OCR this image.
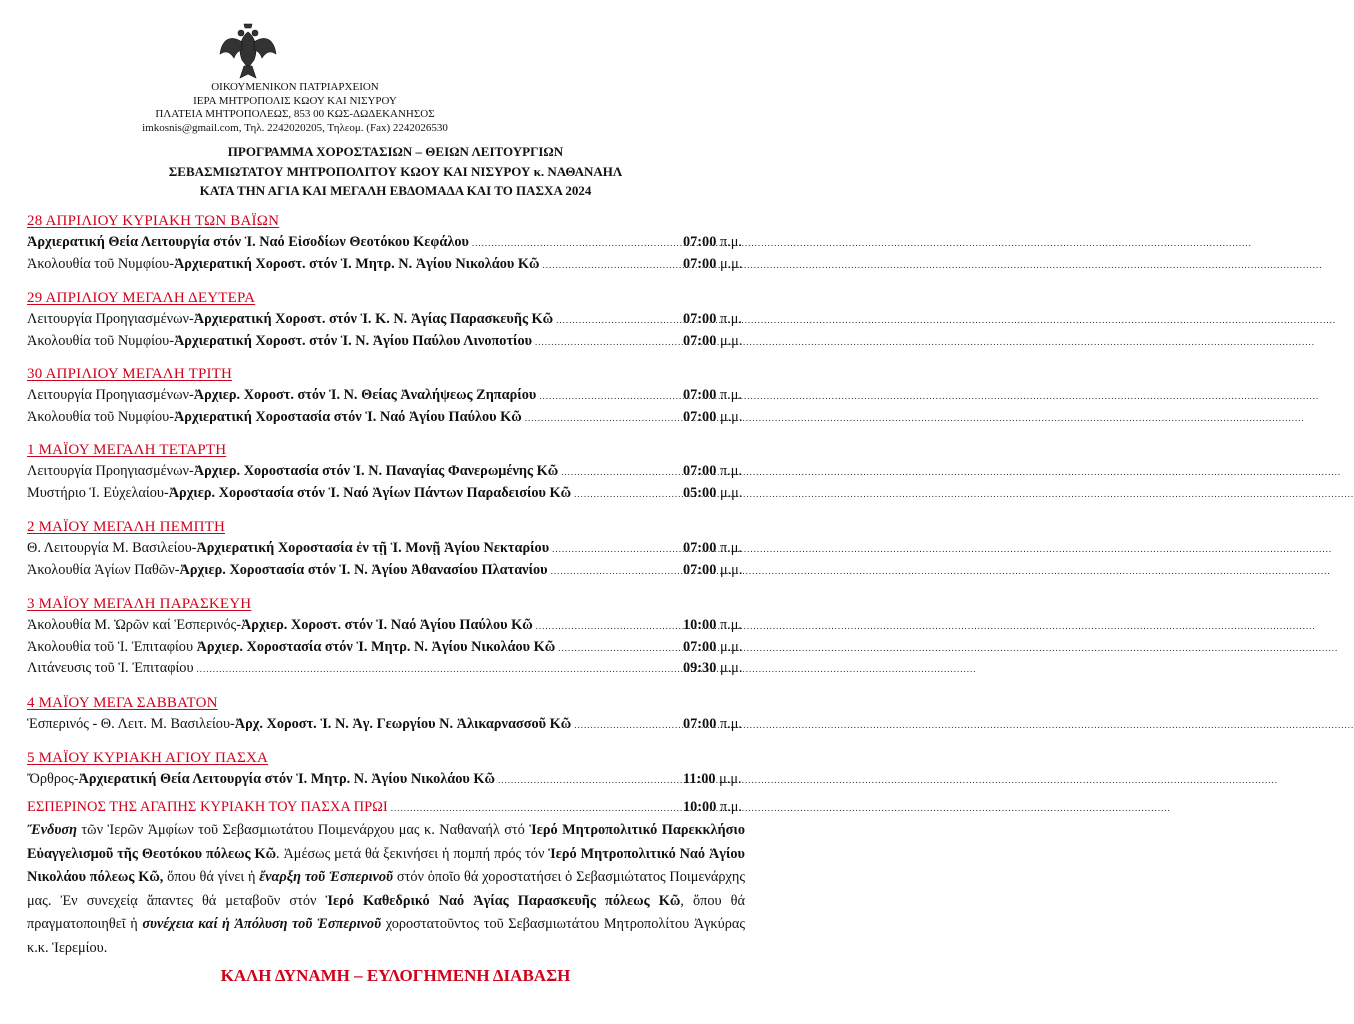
ΟΙΚΟΥΜΕΝΙΚΟΝ ΠΑΤΡΙΑΡΧΕΙΟΝ
ΙΕΡΑ ΜΗΤΡΟΠΟΛΙΣ ΚΩΟΥ ΚΑΙ ΝΙΣΥΡΟΥ
ΠΛΑΤΕΙΑ ΜΗΤΡΟΠΟΛΕΩΣ, 853 00 ΚΩΣ-ΔΩΔΕΚΑΝΗΣΟΣ
imkosnis@gmail.com, Τηλ. 2242020205, Τηλεομ. (Fax) 2242026530
ΠΡΟΓΡΑΜΜΑ ΧΟΡΟΣΤΑΣΙΩΝ – ΘΕΙΩΝ ΛΕΙΤΟΥΡΓΙΩΝ
ΣΕΒΑΣΜΙΩΤΑΤΟΥ ΜΗΤΡΟΠΟΛΙΤΟΥ ΚΩΟΥ ΚΑΙ ΝΙΣΥΡΟΥ κ. ΝΑΘΑΝΑΗΛ
ΚΑΤΑ ΤΗΝ ΑΓΙΑ ΚΑΙ ΜΕΓΑΛΗ ΕΒΔΟΜΑΔΑ ΚΑΙ ΤΟ ΠΑΣΧΑ 2024
28 ΑΠΡΙΛΙΟΥ ΚΥΡΙΑΚΗ ΤΩΝ ΒΑΪΩΝ
Ἀρχιερατική Θεία Λειτουργία στόν Ἱ. Ναό Εἰσοδίων Θεοτόκου Κεφάλου .....	07:00 π.μ.
Ἀκολουθία τοῦ Νυμφίου-Ἀρχιερατική Χοροστ. στόν Ἱ. Μητρ. Ν. Ἁγίου Νικολάου Κῶ .....	07:00 μ.μ.
29 ΑΠΡΙΛΙΟΥ ΜΕΓΑΛΗ ΔΕΥΤΕΡΑ
Λειτουργία Προηγιασμένων-Ἀρχιερατική Χοροστ. στόν Ἱ. Κ. Ν. Ἁγίας Παρασκευῆς Κῶ .....	07:00 π.μ.
Ἀκολουθία τοῦ Νυμφίου-Ἀρχιερατική Χοροστ. στόν Ἱ. Ν. Ἁγίου Παύλου Λινοποτίου .....	07:00 μ.μ.
30 ΑΠΡΙΛΙΟΥ ΜΕΓΑΛΗ ΤΡΙΤΗ
Λειτουργία Προηγιασμένων-Ἀρχιερ. Χοροστ. στόν Ἱ. Ν. Θείας Ἀναλήψεως Ζηπαρίου .....	07:00 π.μ.
Ἀκολουθία τοῦ Νυμφίου-Ἀρχιερατική Χοροστασία στόν Ἱ. Ναό Ἁγίου Παύλου Κῶ .....	07:00 μ.μ.
1 ΜΑΪΟΥ ΜΕΓΑΛΗ ΤΕΤΑΡΤΗ
Λειτουργία Προηγιασμένων-Ἀρχιερ. Χοροστασία στόν Ἱ. Ν. Παναγίας Φανερωμένης Κῶ .....	07:00 π.μ.
Μυστήριο Ἱ. Εὐχελαίου-Ἀρχιερ. Χοροστασία στόν Ἱ. Ναό Ἁγίων Πάντων Παραδεισίου Κῶ .....	05:00 μ.μ.
2 ΜΑΪΟΥ ΜΕΓΑΛΗ ΠΕΜΠΤΗ
Θ. Λειτουργία Μ. Βασιλείου-Ἀρχιερατική Χοροστασία ἐν τῇ Ἱ. Μονῇ Ἁγίου Νεκταρίου .....	07:00 π.μ.
Ἀκολουθία Ἁγίων Παθῶν-Ἀρχιερ. Χοροστασία στόν Ἱ. Ν. Ἁγίου Ἀθανασίου Πλατανίου .....	07:00 μ.μ.
3 ΜΑΪΟΥ ΜΕΓΑΛΗ ΠΑΡΑΣΚΕΥΗ
Ἀκολουθία Μ. Ὡρῶν καί Ἑσπερινός-Ἀρχιερ. Χοροστ. στόν Ἱ. Ναό Ἁγίου Παύλου Κῶ .....	10:00 π.μ.
Ἀκολουθία τοῦ Ἱ. Ἐπιταφίου Ἀρχιερ. Χοροστασία στόν Ἱ. Μητρ. Ν. Ἁγίου Νικολάου Κῶ .....	07:00 μ.μ.
Λιτάνευσις τοῦ Ἱ. Ἐπιταφίου .....	09:30 μ.μ.
4 ΜΑΪΟΥ ΜΕΓΑ ΣΑΒΒΑΤΟΝ
Ἑσπερινός - Θ. Λειτ. Μ. Βασιλείου-Ἀρχ. Χοροστ. Ἱ. Ν. Ἁγ. Γεωργίου Ν. Ἁλικαρνασσοῦ Κῶ .....	07:00 π.μ.
5 ΜΑΪΟΥ ΚΥΡΙΑΚΗ ΑΓΙΟΥ ΠΑΣΧΑ
Ὄρθρος-Ἀρχιερατική Θεία Λειτουργία στόν Ἱ. Μητρ. Ν. Ἁγίου Νικολάου Κῶ .....	11:00 μ.μ.
ΕΣΠΕΡΙΝΟΣ ΤΗΣ ΑΓΑΠΗΣ ΚΥΡΙΑΚΗ ΤΟΥ ΠΑΣΧΑ ΠΡΩΙ .....	10:00 π.μ.
Ἔνδυση τῶν Ἱερῶν Ἀμφίων τοῦ Σεβασμιωτάτου Ποιμενάρχου μας κ. Ναθαναήλ στό Ἱερό Μητροπολιτικό Παρεκκλήσιο Εὐαγγελισμοῦ τῆς Θεοτόκου πόλεως Κῶ. Ἀμέσως μετά θά ξεκινήσει ἡ πομπή πρός τόν Ἱερό Μητροπολιτικό Ναό Ἁγίου Νικολάου πόλεως Κῶ, ὅπου θά γίνει ἡ ἔναρξη τοῦ Ἑσπερινοῦ στόν ὁποῖο θά χοροστατήσει ὁ Σεβασμιώτατος Ποιμενάρχης μας. Ἐν συνεχείᾳ ἅπαντες θά μεταβοῦν στόν Ἱερό Καθεδρικό Ναό Ἁγίας Παρασκευῆς πόλεως Κῶ, ὅπου θά πραγματοποιηθεῖ ἡ συνέχεια καί ἡ Ἀπόλυση τοῦ Ἑσπερινοῦ χοροστατοῦντος τοῦ Σεβασμιωτάτου Μητροπολίτου Ἀγκύρας κ.κ. Ἱερεμίου.
ΚΑΛΗ ΔΥΝΑΜΗ – ΕΥΛΟΓΗΜΕΝΗ ΔΙΑΒΑΣΗ
